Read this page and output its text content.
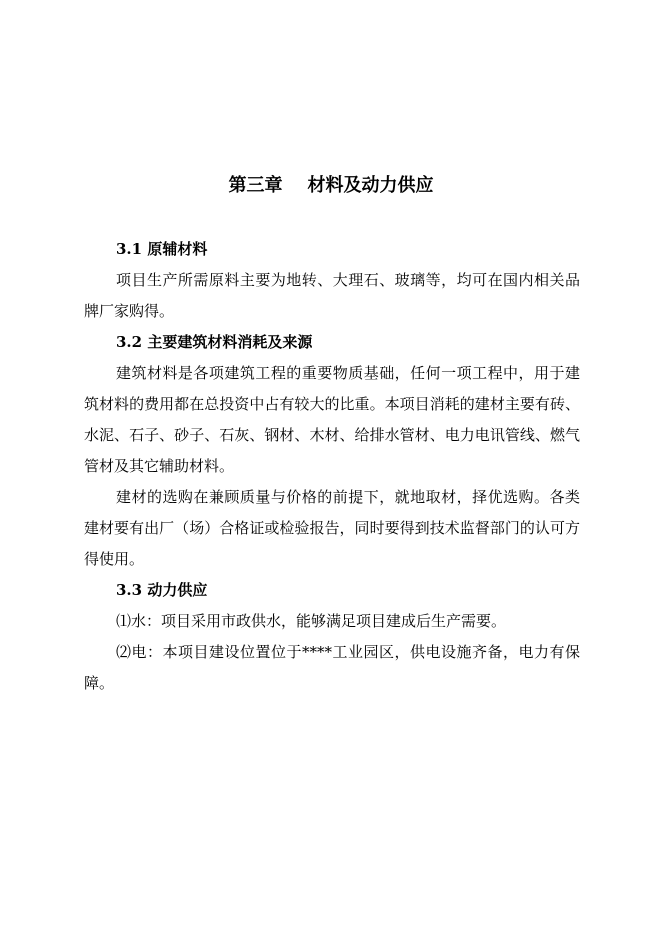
第三章    材料及动力供应

3.1 原辅材料

项目生产所需原料主要为地转、大理石、玻璃等，均可在国内相关品牌厂家购得。

3.2 主要建筑材料消耗及来源

建筑材料是各项建筑工程的重要物质基础，任何一项工程中，用于建筑材料的费用都在总投资中占有较大的比重。本项目消耗的建材主要有砖、水泥、石子、砂子、石灰、钢材、木材、给排水管材、电力电讯管线、燃气管材及其它辅助材料。

建材的选购在兼顾质量与价格的前提下，就地取材，择优选购。各类建材要有出厂（场）合格证或检验报告，同时要得到技术监督部门的认可方得使用。

3.3 动力供应

⑴水：项目采用市政供水，能够满足项目建成后生产需要。

⑵电：本项目建设位置位于****工业园区，供电设施齐备，电力有保障。
